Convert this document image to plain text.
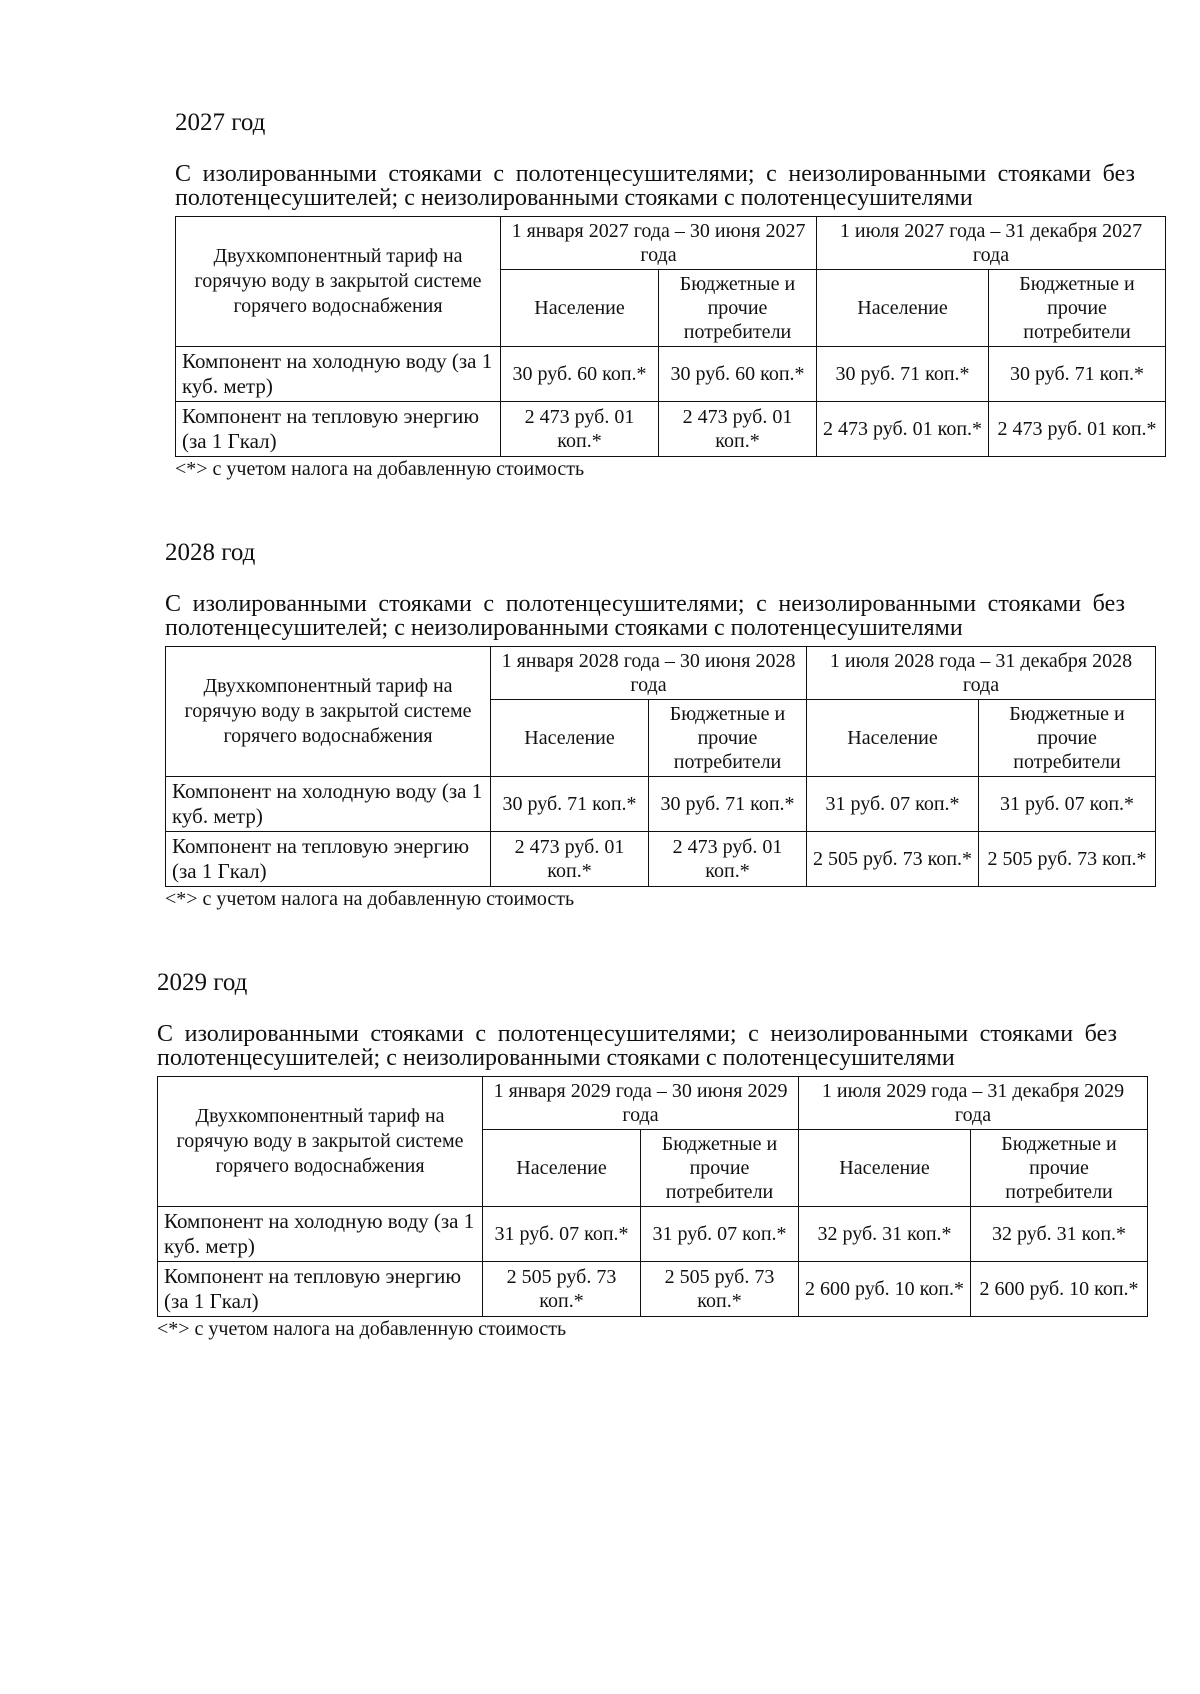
2027 год
С изолированными стояками с полотенцесушителями; с неизолированными стояками без полотенцесушителей; с неизолированными стояками с полотенцесушителями
Двухкомпонентный тариф на горячую воду в закрытой системе горячего водоснабжения	1 января 2027 года – 30 июня 2027 года		1 июля 2027 года – 31 декабря 2027 года	
	Население	Бюджетные и прочие потребители	Население	Бюджетные и прочие потребители
Компонент на холодную воду (за 1 куб. метр)	30 руб. 60 коп.*	30 руб. 60 коп.*	30 руб. 71 коп.*	30 руб. 71 коп.*
Компонент на тепловую энергию (за 1 Гкал)	2 473 руб. 01 коп.*	2 473 руб. 01 коп.*	2 473 руб. 01 коп.*	2 473 руб. 01 коп.*
<*> с учетом налога на добавленную стоимость
2028 год
С изолированными стояками с полотенцесушителями; с неизолированными стояками без полотенцесушителей; с неизолированными стояками с полотенцесушителями
Двухкомпонентный тариф на горячую воду в закрытой системе горячего водоснабжения	1 января 2028 года – 30 июня 2028 года		1 июля 2028 года – 31 декабря 2028 года	
	Население	Бюджетные и прочие потребители	Население	Бюджетные и прочие потребители
Компонент на холодную воду (за 1 куб. метр)	30 руб. 71 коп.*	30 руб. 71 коп.*	31 руб. 07 коп.*	31 руб. 07 коп.*
Компонент на тепловую энергию (за 1 Гкал)	2 473 руб. 01 коп.*	2 473 руб. 01 коп.*	2 505 руб. 73 коп.*	2 505 руб. 73 коп.*
<*> с учетом налога на добавленную стоимость
2029 год
С изолированными стояками с полотенцесушителями; с неизолированными стояками без полотенцесушителей; с неизолированными стояками с полотенцесушителями
Двухкомпонентный тариф на горячую воду в закрытой системе горячего водоснабжения	1 января 2029 года – 30 июня 2029 года		1 июля 2029 года – 31 декабря 2029 года	
	Население	Бюджетные и прочие потребители	Население	Бюджетные и прочие потребители
Компонент на холодную воду (за 1 куб. метр)	31 руб. 07 коп.*	31 руб. 07 коп.*	32 руб. 31 коп.*	32 руб. 31 коп.*
Компонент на тепловую энергию (за 1 Гкал)	2 505 руб. 73 коп.*	2 505 руб. 73 коп.*	2 600 руб. 10 коп.*	2 600 руб. 10 коп.*
<*> с учетом налога на добавленную стоимость
